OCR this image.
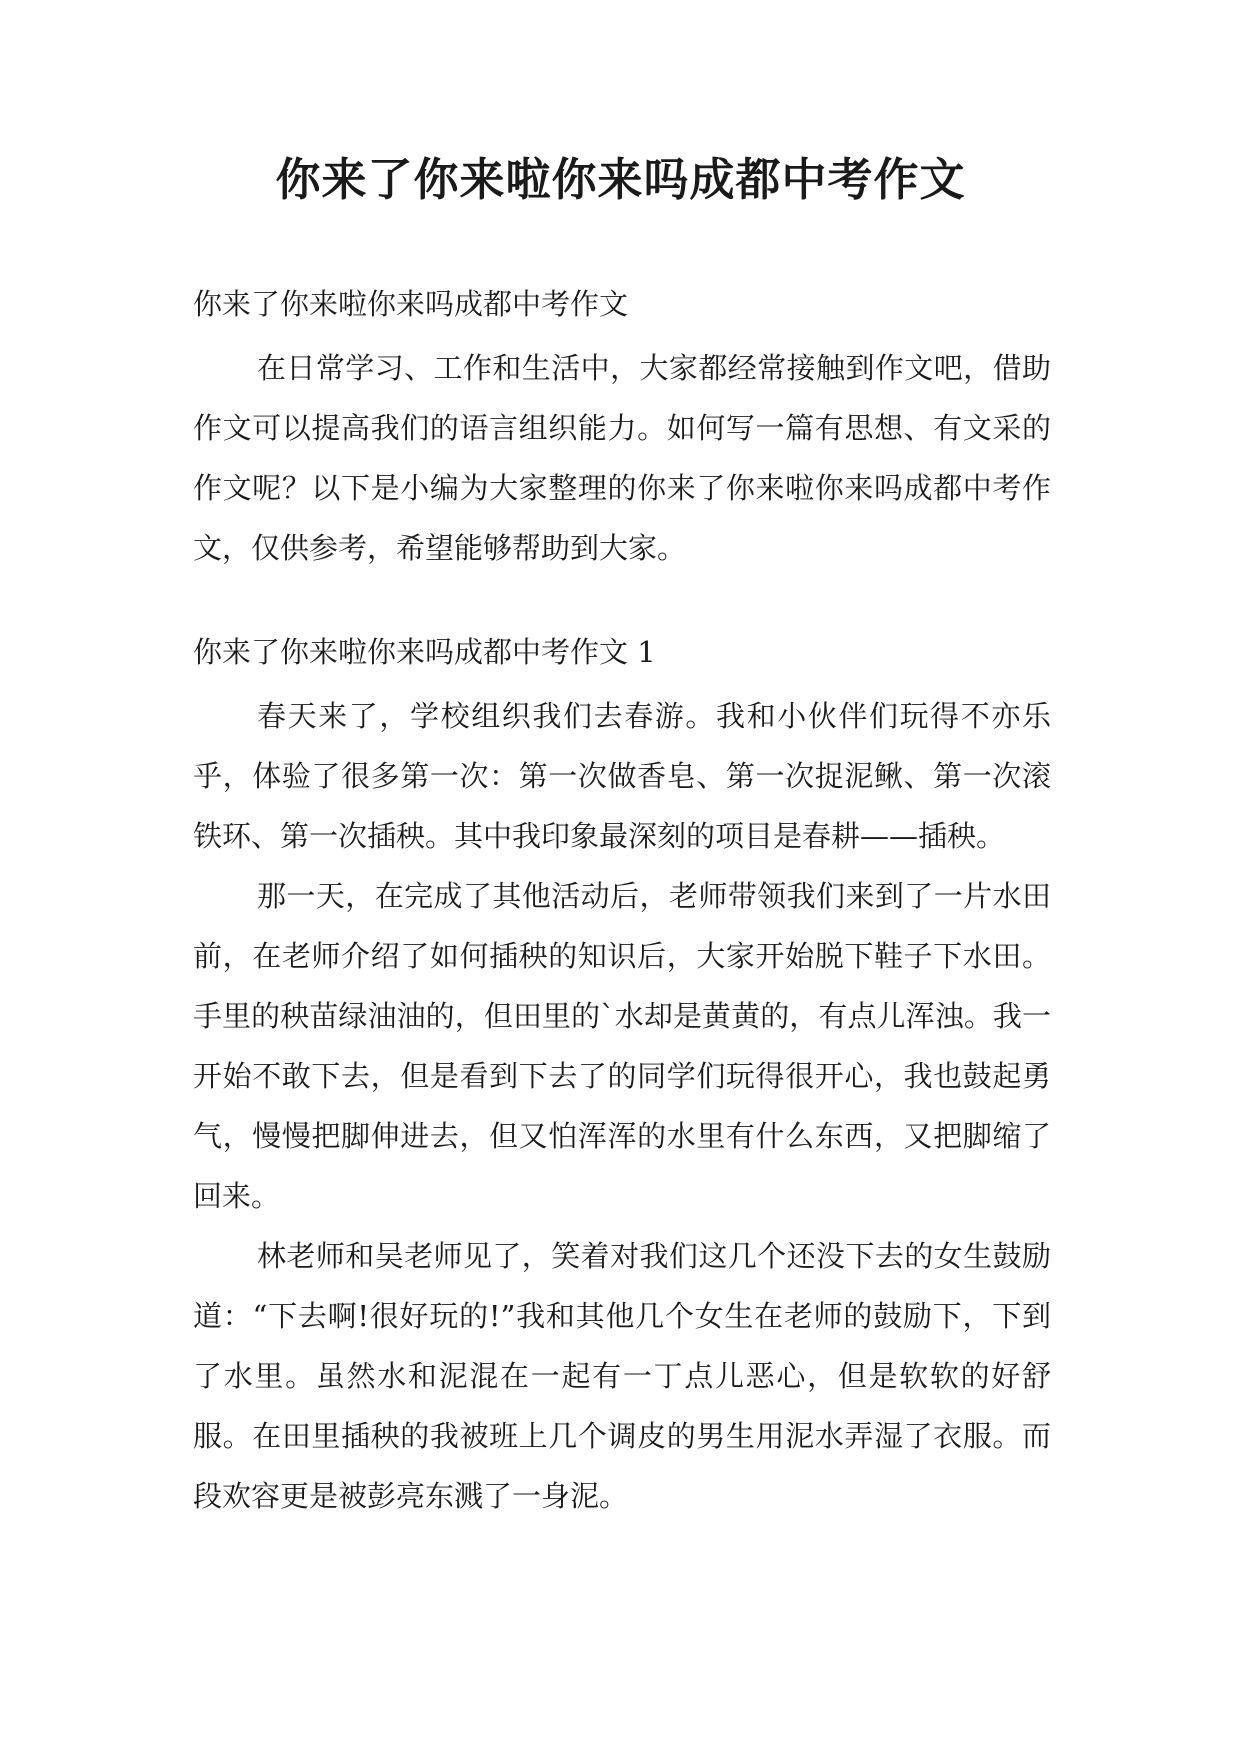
你来了你来啦你来吗成都中考作文

你来了你来啦你来吗成都中考作文

在日常学习、工作和生活中，大家都经常接触到作文吧，借助作文可以提高我们的语言组织能力。如何写一篇有思想、有文采的作文呢？以下是小编为大家整理的你来了你来啦你来吗成都中考作文，仅供参考，希望能够帮助到大家。

你来了你来啦你来吗成都中考作文 1

春天来了，学校组织我们去春游。我和小伙伴们玩得不亦乐乎，体验了很多第一次：第一次做香皂、第一次捉泥鳅、第一次滚铁环、第一次插秧。其中我印象最深刻的项目是春耕——插秧。

那一天，在完成了其他活动后，老师带领我们来到了一片水田前，在老师介绍了如何插秧的知识后，大家开始脱下鞋子下水田。手里的秧苗绿油油的，但田里的`水却是黄黄的，有点儿浑浊。我一开始不敢下去，但是看到下去了的同学们玩得很开心，我也鼓起勇气，慢慢把脚伸进去，但又怕浑浑的水里有什么东西，又把脚缩了回来。

林老师和吴老师见了，笑着对我们这几个还没下去的女生鼓励道：“下去啊!很好玩的!”我和其他几个女生在老师的鼓励下，下到了水里。虽然水和泥混在一起有一丁点儿恶心，但是软软的好舒服。在田里插秧的我被班上几个调皮的男生用泥水弄湿了衣服。而段欢容更是被彭亮东溅了一身泥。
